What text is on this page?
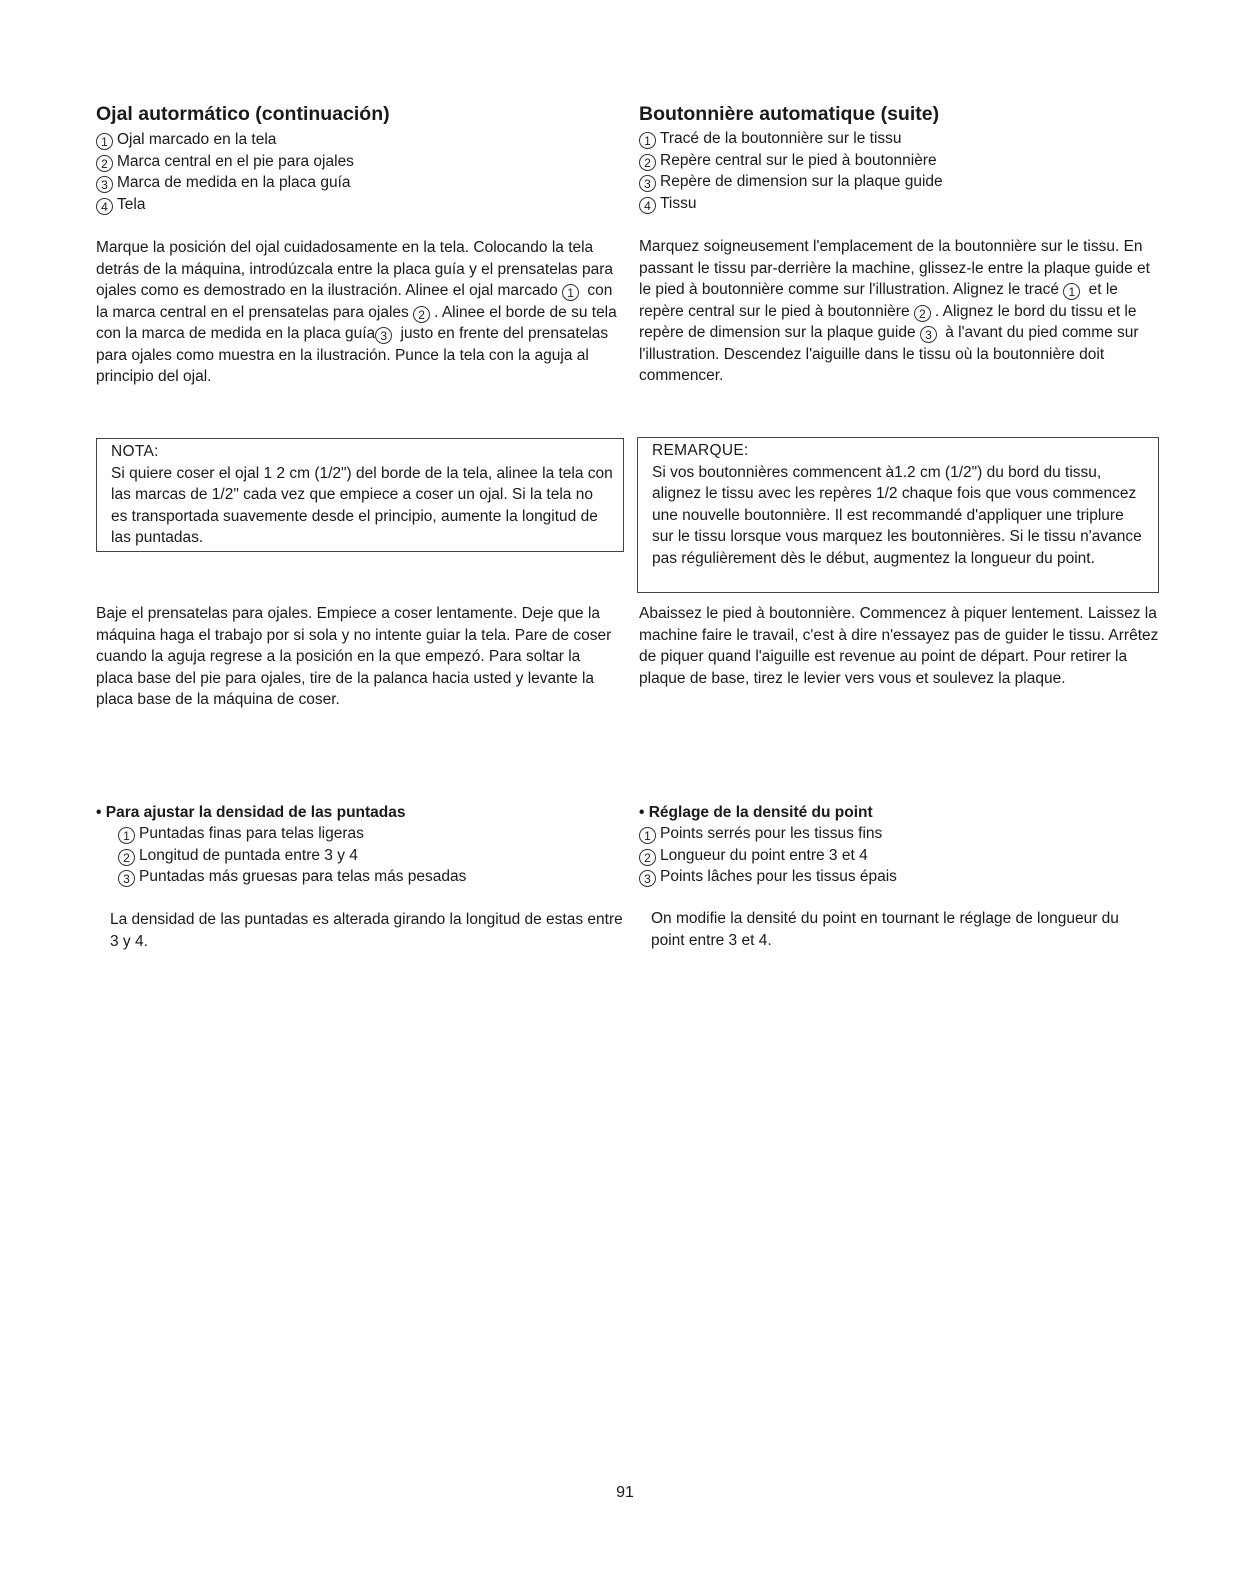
Ojal autormático (continuación)
1 Ojal marcado en la tela
2 Marca central en el pie para ojales
3 Marca de medida en la placa guía
4 Tela

Marque la posición del ojal cuidadosamente en la tela. Colocando la tela detrás de la máquina, introdúzcala entre la placa guía y el prensatelas para ojales como es demostrado en la ilustración. Alinee el ojal marcado 1 con la marca central en el prensatelas para ojales 2 . Alinee el borde de su tela con la marca de medida en la placa guía 3 justo en frente del prensatelas para ojales como muestra en la ilustración. Punce la tela con la aguja al principio del ojal.

NOTA:

Si quiere coser el ojal 1 2 cm (1/2") del borde de la tela, alinee la tela con las marcas de 1/2" cada vez que empiece a coser un ojal. Si la tela no es transportada suavemente desde el principio, aumente la longitud de las puntadas.

Baje el prensatelas para ojales. Empiece a coser lentamente. Deje que la máquina haga el trabajo por si sola y no intente guiar la tela. Pare de coser cuando la aguja regrese a la posición en la que empezó. Para soltar la placa base del pie para ojales, tire de la palanca hacia usted y levante la placa base de la máquina de coser.

• Para ajustar la densidad de las puntadas

1 Puntadas finas para telas ligeras
2 Longitud de puntada entre 3 y 4
3 Puntadas más gruesas para telas más pesadas

La densidad de las puntadas es alterada girando la longitud de estas entre 3 y 4.

Boutonnière automatique (suite)
1 Tracé de la boutonnière sur le tissu
2 Repère central sur le pied à boutonnière
3 Repère de dimension sur la plaque guide
4 Tissu

Marquez soigneusement l'emplacement de la boutonnière sur le tissu. En passant le tissu par-derrière la machine, glissez-le entre la plaque guide et le pied à boutonnière comme sur l'illustration. Alignez le tracé 1 et le repère central sur le pied à boutonnière 2 . Alignez le bord du tissu et le repère de dimension sur la plaque guide 3 à l'avant du pied comme sur l'illustration. Descendez l'aiguille dans le tissu où la boutonnière doit commencer.

REMARQUE:

Si vos boutonnières commencent à1.2 cm (1/2") du bord du tissu, alignez le tissu avec les repères 1/2 chaque fois que vous commencez une nouvelle boutonnière. Il est recommandé d'appliquer une triplure sur le tissu lorsque vous marquez les boutonnières. Si le tissu n'avance pas régulièrement dès le début, augmentez la longueur du point.

Abaissez le pied à boutonnière. Commencez à piquer lentement. Laissez la machine faire le travail, c'est à dire n'essayez pas de guider le tissu. Arrêtez de piquer quand l'aiguille est revenue au point de départ. Pour retirer la plaque de base, tirez le levier vers vous et soulevez la plaque.

• Réglage de la densité du point

1 Points serrés pour les tissus fins
2 Longueur du point entre 3 et 4
3 Points lâches pour les tissus épais

On modifie la densité du point en tournant le réglage de longueur du point entre 3 et 4.

91
